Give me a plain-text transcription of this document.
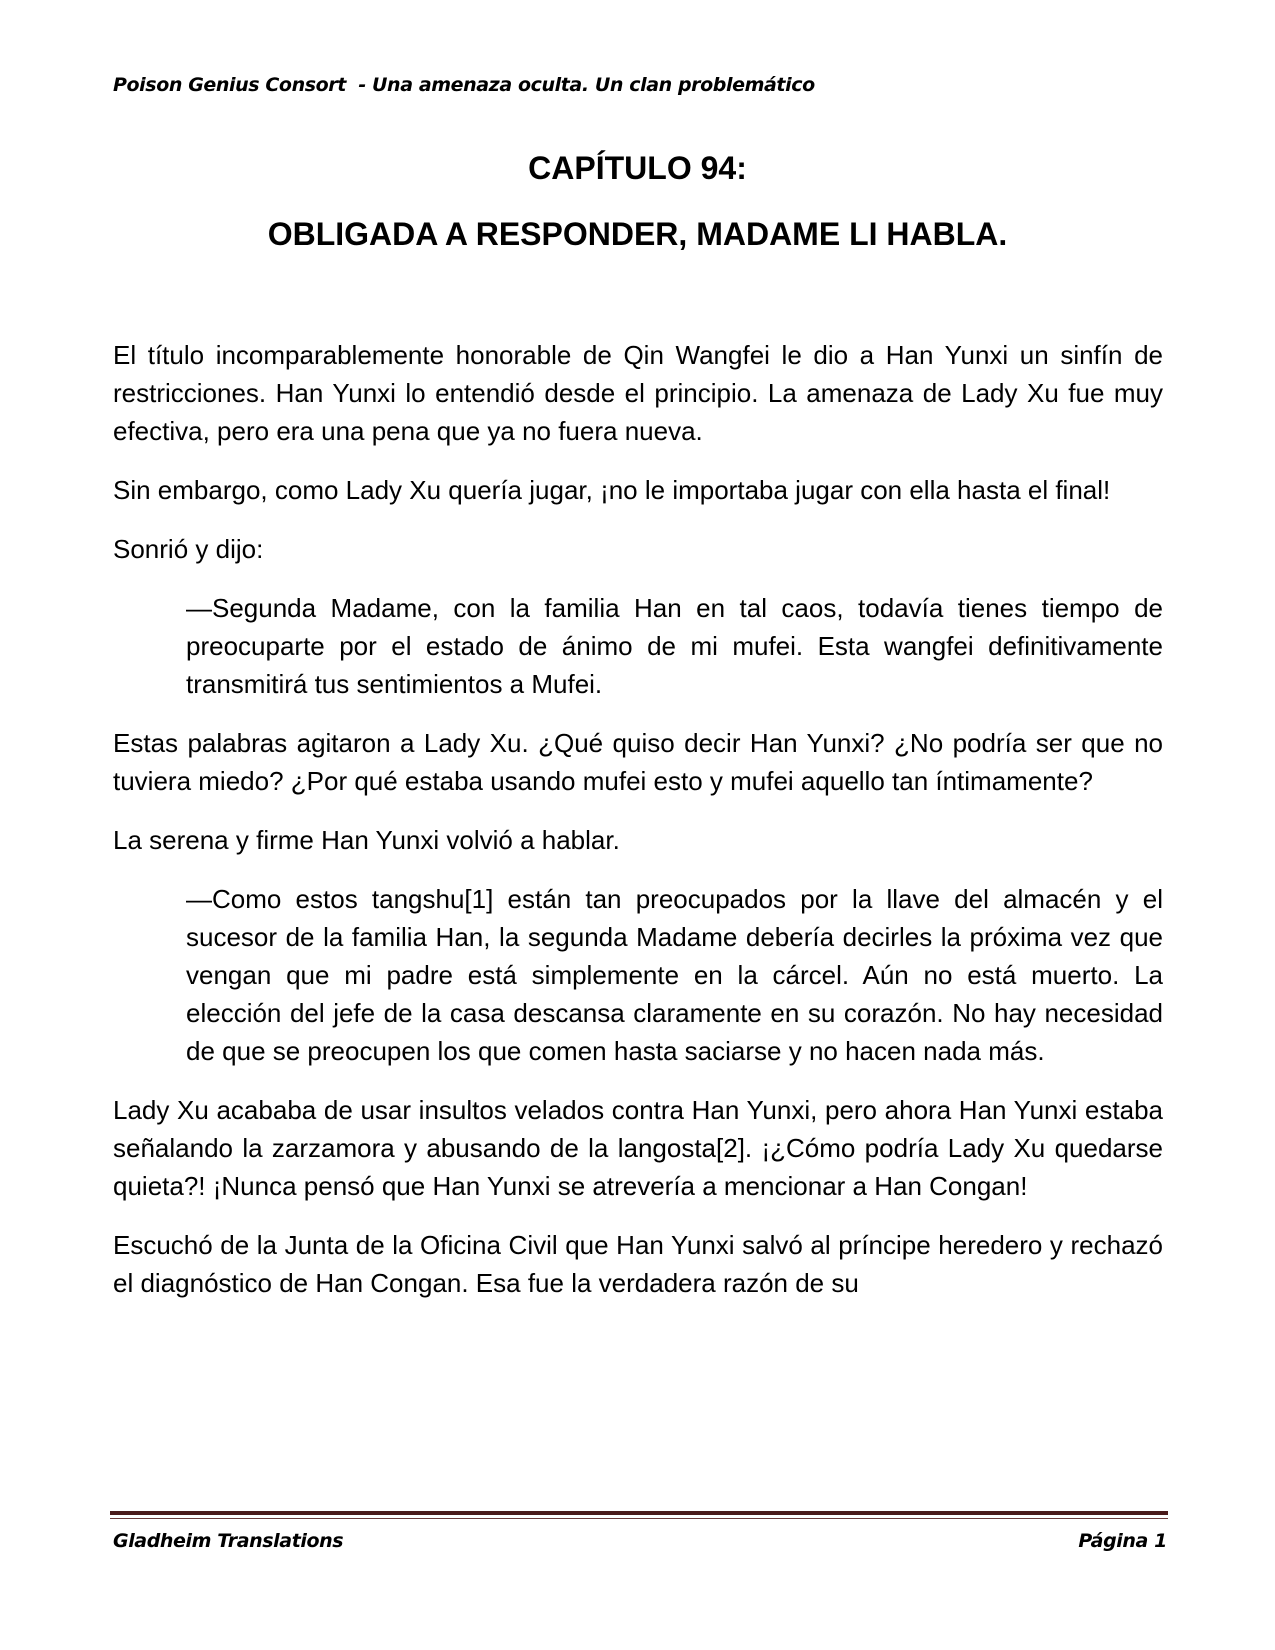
Poison Genius Consort  - Una amenaza oculta. Un clan problemático
CAPÍTULO 94:
OBLIGADA A RESPONDER, MADAME LI HABLA.

El título incomparablemente honorable de Qin Wangfei le dio a Han Yunxi un sinfín de restricciones. Han Yunxi lo entendió desde el principio. La amenaza de Lady Xu fue muy efectiva, pero era una pena que ya no fuera nueva.

Sin embargo, como Lady Xu quería jugar, ¡no le importaba jugar con ella hasta el final!

Sonrió y dijo:

—Segunda Madame, con la familia Han en tal caos, todavía tienes tiempo de preocuparte por el estado de ánimo de mi mufei. Esta wangfei definitivamente transmitirá tus sentimientos a Mufei.

Estas palabras agitaron a Lady Xu. ¿Qué quiso decir Han Yunxi? ¿No podría ser que no tuviera miedo? ¿Por qué estaba usando mufei esto y mufei aquello tan íntimamente?

La serena y firme Han Yunxi volvió a hablar.

—Como estos tangshu[1] están tan preocupados por la llave del almacén y el sucesor de la familia Han, la segunda Madame debería decirles la próxima vez que vengan que mi padre está simplemente en la cárcel. Aún no está muerto. La elección del jefe de la casa descansa claramente en su corazón. No hay necesidad de que se preocupen los que comen hasta saciarse y no hacen nada más.

Lady Xu acababa de usar insultos velados contra Han Yunxi, pero ahora Han Yunxi estaba señalando la zarzamora y abusando de la langosta[2]. ¡¿Cómo podría Lady Xu quedarse quieta?! ¡Nunca pensó que Han Yunxi se atrevería a mencionar a Han Congan!

Escuchó de la Junta de la Oficina Civil que Han Yunxi salvó al príncipe heredero y rechazó el diagnóstico de Han Congan. Esa fue la verdadera razón de su

Gladheim Translations	Página 1
